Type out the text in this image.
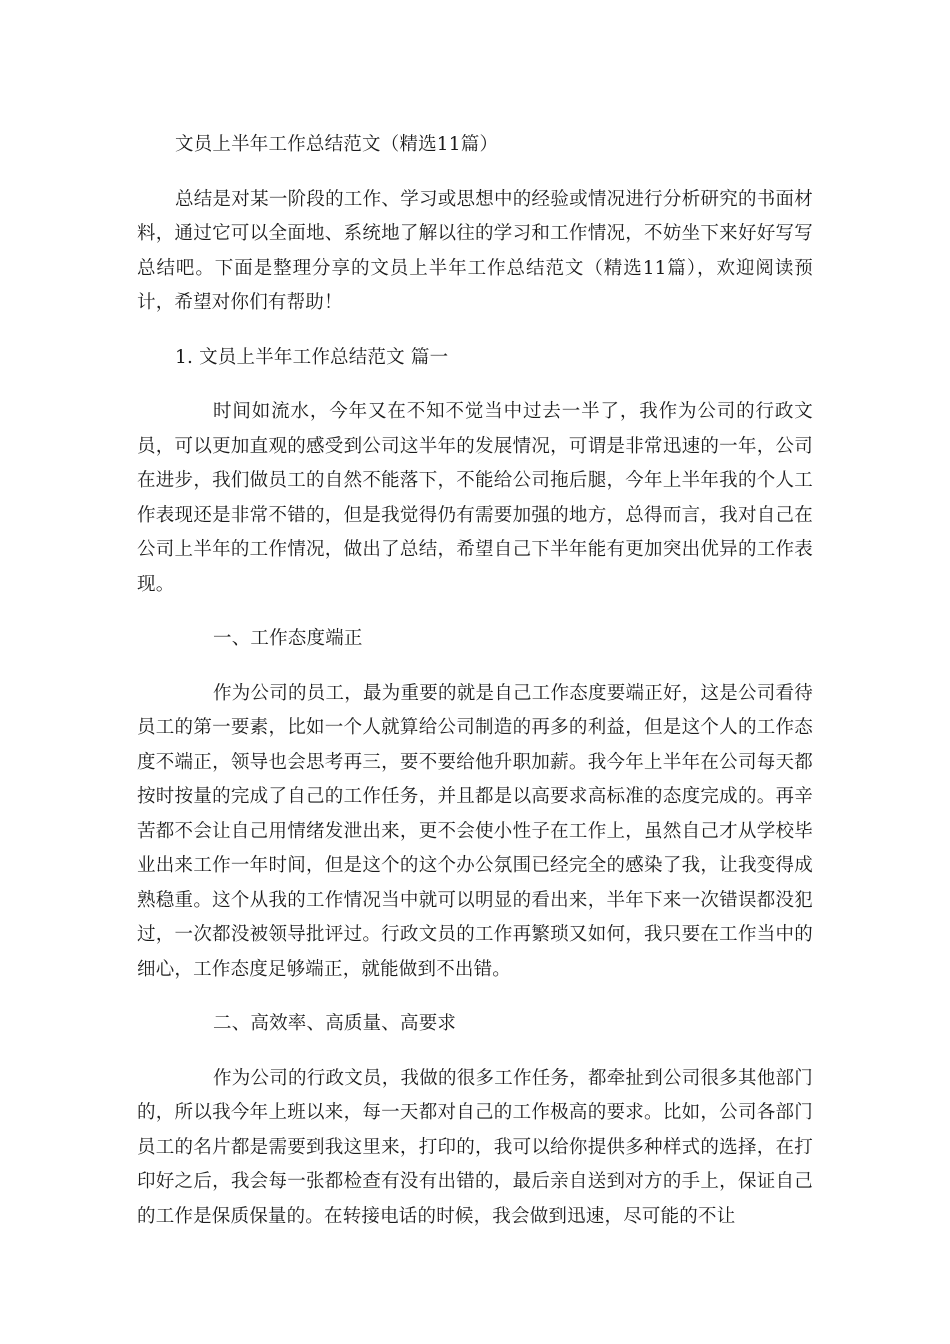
文员上半年工作总结范文（精选11篇）

总结是对某一阶段的工作、学习或思想中的经验或情况进行分析研究的书面材料，通过它可以全面地、系统地了解以往的学习和工作情况，不妨坐下来好好写写总结吧。下面是整理分享的文员上半年工作总结范文（精选11篇），欢迎阅读预计，希望对你们有帮助！

1. 文员上半年工作总结范文 篇一

时间如流水，今年又在不知不觉当中过去一半了，我作为公司的行政文员，可以更加直观的感受到公司这半年的发展情况，可谓是非常迅速的一年，公司在进步，我们做员工的自然不能落下，不能给公司拖后腿，今年上半年我的个人工作表现还是非常不错的，但是我觉得仍有需要加强的地方，总得而言，我对自己在公司上半年的工作情况，做出了总结，希望自己下半年能有更加突出优异的工作表现。

一、工作态度端正

作为公司的员工，最为重要的就是自己工作态度要端正好，这是公司看待员工的第一要素，比如一个人就算给公司制造的再多的利益，但是这个人的工作态度不端正，领导也会思考再三，要不要给他升职加薪。我今年上半年在公司每天都按时按量的完成了自己的工作任务，并且都是以高要求高标准的态度完成的。再辛苦都不会让自己用情绪发泄出来，更不会使小性子在工作上，虽然自己才从学校毕业出来工作一年时间，但是这个的这个办公氛围已经完全的感染了我，让我变得成熟稳重。这个从我的工作情况当中就可以明显的看出来，半年下来一次错误都没犯过，一次都没被领导批评过。行政文员的工作再繁琐又如何，我只要在工作当中的细心，工作态度足够端正，就能做到不出错。

二、高效率、高质量、高要求

作为公司的行政文员，我做的很多工作任务，都牵扯到公司很多其他部门的，所以我今年上班以来，每一天都对自己的工作极高的要求。比如，公司各部门员工的名片都是需要到我这里来，打印的，我可以给你提供多种样式的选择，在打印好之后，我会每一张都检查有没有出错的，最后亲自送到对方的手上，保证自己的工作是保质保量的。在转接电话的时候，我会做到迅速，尽可能的不让
